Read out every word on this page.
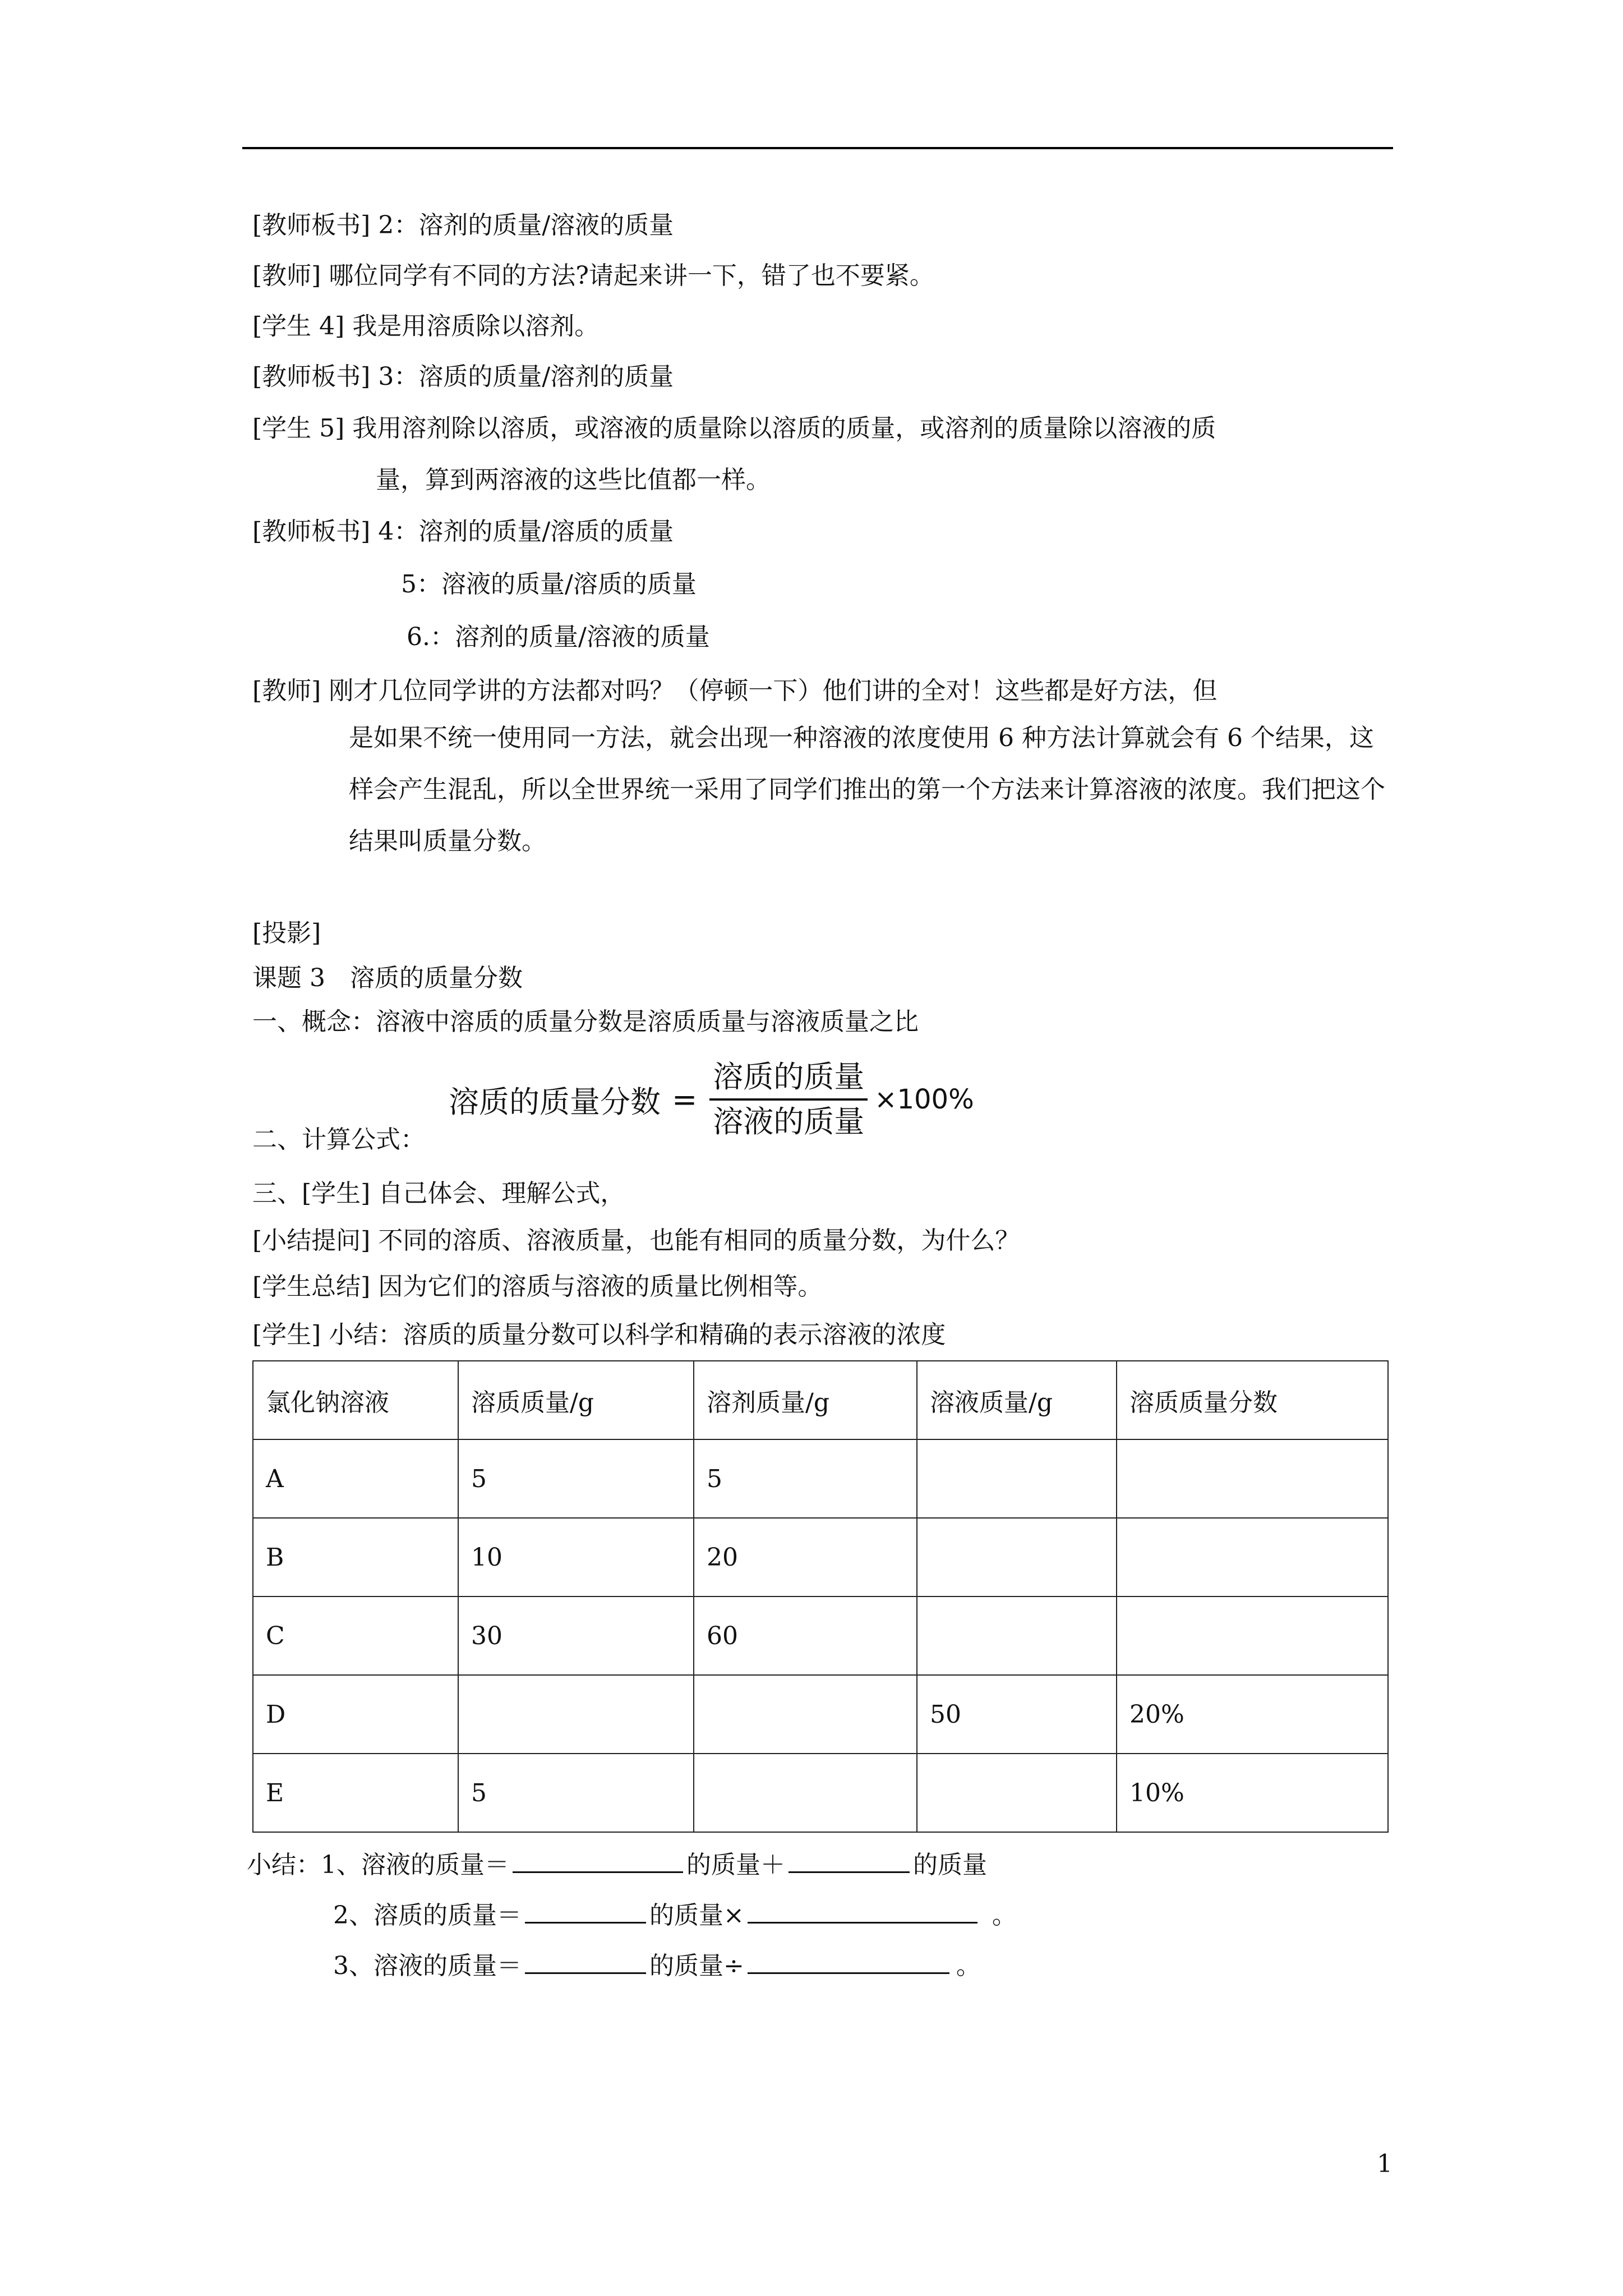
[教师板书] 2：溶剂的质量/溶液的质量
[教师] 哪位同学有不同的方法?请起来讲一下，错了也不要紧。
[学生 4] 我是用溶质除以溶剂。
[教师板书] 3：溶质的质量/溶剂的质量
[学生 5] 我用溶剂除以溶质，或溶液的质量除以溶质的质量，或溶剂的质量除以溶液的质
量，算到两溶液的这些比值都一样。
[教师板书] 4：溶剂的质量/溶质的质量
5：溶液的质量/溶质的质量
6.：溶剂的质量/溶液的质量
[教师] 刚才几位同学讲的方法都对吗？（停顿一下）他们讲的全对！这些都是好方法，但
是如果不统一使用同一方法，就会出现一种溶液的浓度使用 6 种方法计算就会有 6 个结果，这样会产生混乱，所以全世界统一采用了同学们推出的第一个方法来计算溶液的浓度。我们把这个结果叫质量分数。
[投影]
课题 3　溶质的质量分数
一、概念：溶液中溶质的质量分数是溶质质量与溶液质量之比
溶质的质量分数 = $\frac{\text{溶质的质量}}{\text{溶液的质量}} \times 100\%$
二、计算公式：
三、[学生] 自己体会、理解公式，
[小结提问] 不同的溶质、溶液质量，也能有相同的质量分数，为什么？
[学生总结] 因为它们的溶质与溶液的质量比例相等。
[学生] 小结：溶质的质量分数可以科学和精确的表示溶液的浓度
氯化钠溶液	溶质质量/g	溶剂质量/g	溶液质量/g	溶质质量分数
A	5	5		
B	10	20		
C	30	60		
D			50	20%
E	5			10%
小结：1、溶液的质量＝	的质量＋	的质量
2、溶质的质量＝	的质量×	。
3、溶液的质量＝	的质量÷	。
1
